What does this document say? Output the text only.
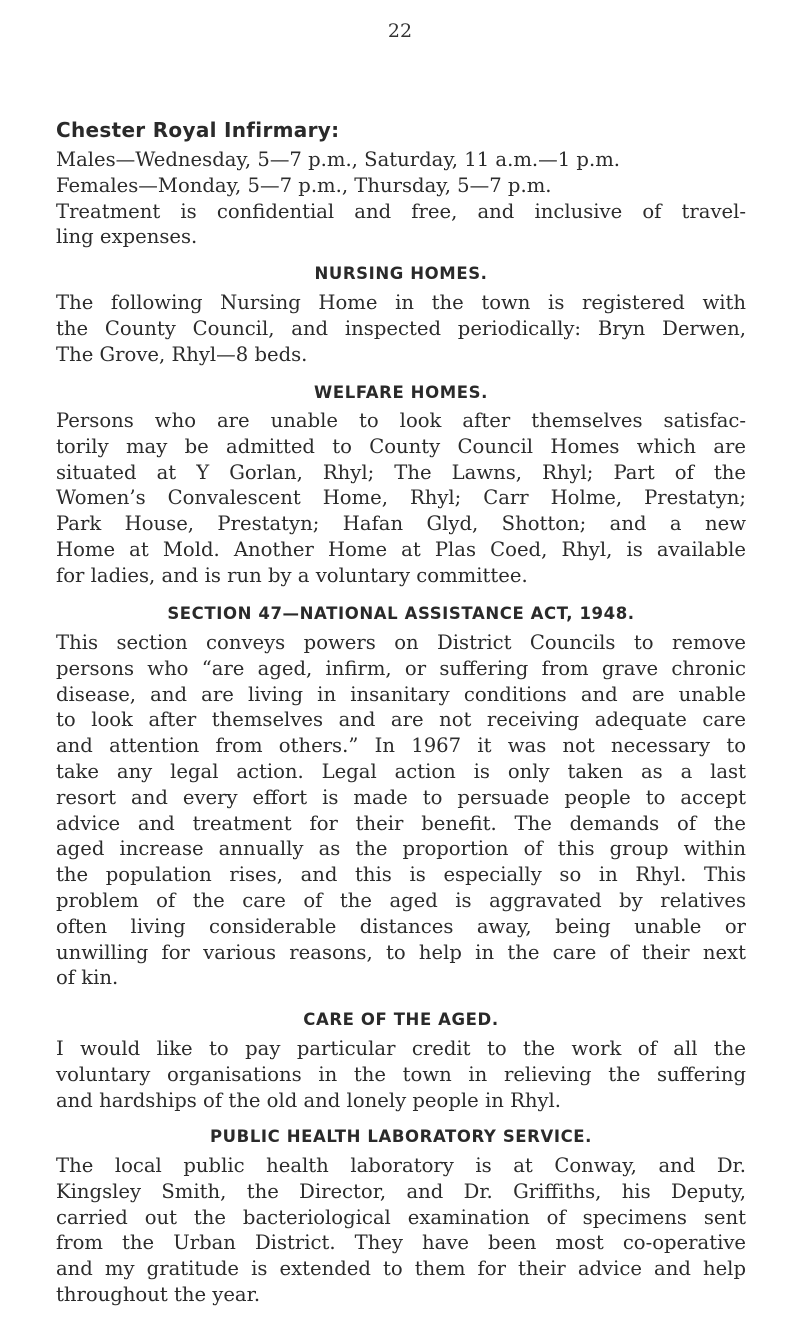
22
Chester Royal Infirmary:
Males—Wednesday, 5—7 p.m., Saturday, 11 a.m.—1 p.m.
Females—Monday, 5—7 p.m., Thursday, 5—7 p.m.
Treatment is confidential and free, and inclusive of travel-
ling expenses.
NURSING HOMES.
The following Nursing Home in the town is registered with
the County Council, and inspected periodically: Bryn Derwen,
The Grove, Rhyl—8 beds.
WELFARE HOMES.
Persons who are unable to look after themselves satisfac-
torily may be admitted to County Council Homes which are
situated at Y Gorlan, Rhyl; The Lawns, Rhyl; Part of the
Women’s Convalescent Home, Rhyl; Carr Holme, Prestatyn;
Park House, Prestatyn; Hafan Glyd, Shotton; and a new
Home at Mold. Another Home at Plas Coed, Rhyl, is available
for ladies, and is run by a voluntary committee.
SECTION 47—NATIONAL ASSISTANCE ACT, 1948.
This section conveys powers on District Councils to remove
persons who “are aged, infirm, or suffering from grave chronic
disease, and are living in insanitary conditions and are unable
to look after themselves and are not receiving adequate care
and attention from others.” In 1967 it was not necessary to
take any legal action. Legal action is only taken as a last
resort and every effort is made to persuade people to accept
advice and treatment for their benefit. The demands of the
aged increase annually as the proportion of this group within
the population rises, and this is especially so in Rhyl. This
problem of the care of the aged is aggravated by relatives
often living considerable distances away, being unable or
unwilling for various reasons, to help in the care of their next
of kin.
CARE OF THE AGED.
I would like to pay particular credit to the work of all the
voluntary organisations in the town in relieving the suffering
and hardships of the old and lonely people in Rhyl.
PUBLIC HEALTH LABORATORY SERVICE.
The local public health laboratory is at Conway, and Dr.
Kingsley Smith, the Director, and Dr. Griffiths, his Deputy,
carried out the bacteriological examination of specimens sent
from the Urban District. They have been most co-operative
and my gratitude is extended to them for their advice and help
throughout the year.
